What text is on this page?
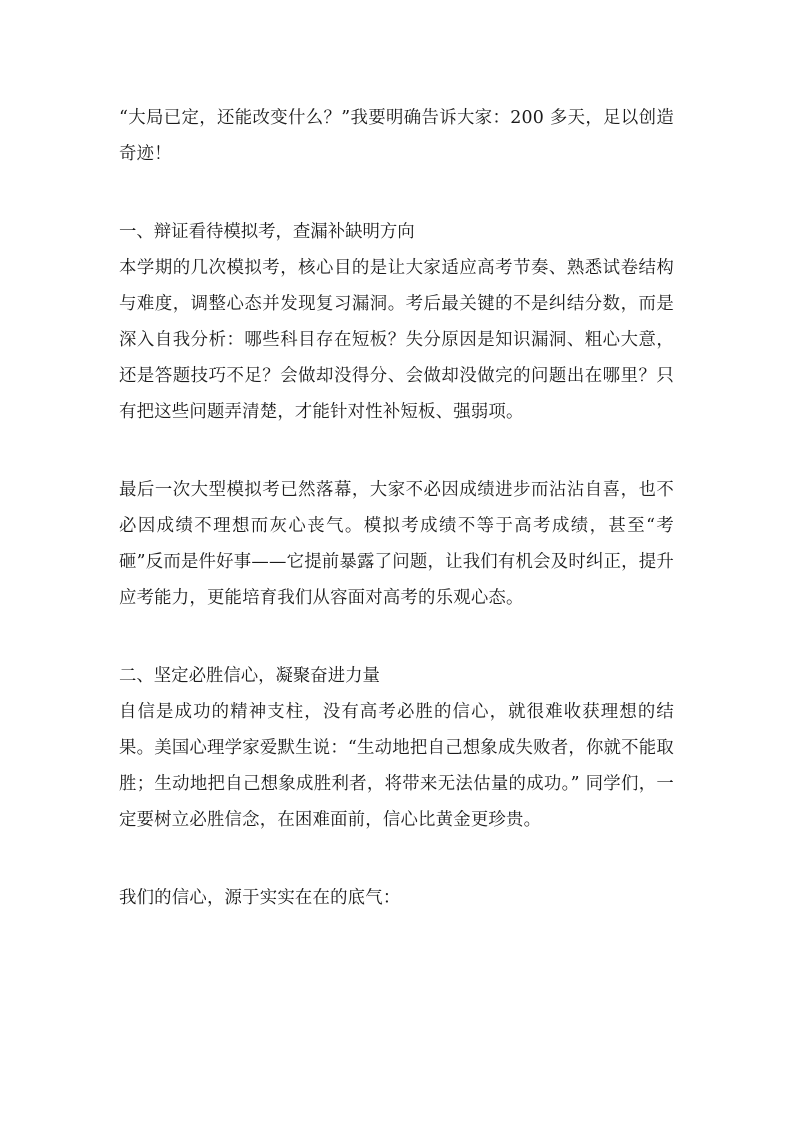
“大局已定，还能改变什么？”我要明确告诉大家：200 多天，足以创造奇迹！

一、辩证看待模拟考，查漏补缺明方向

本学期的几次模拟考，核心目的是让大家适应高考节奏、熟悉试卷结构与难度，调整心态并发现复习漏洞。考后最关键的不是纠结分数，而是深入自我分析：哪些科目存在短板？失分原因是知识漏洞、粗心大意，还是答题技巧不足？会做却没得分、会做却没做完的问题出在哪里？只有把这些问题弄清楚，才能针对性补短板、强弱项。

最后一次大型模拟考已然落幕，大家不必因成绩进步而沾沾自喜，也不必因成绩不理想而灰心丧气。模拟考成绩不等于高考成绩，甚至“考砸”反而是件好事——它提前暴露了问题，让我们有机会及时纠正，提升应考能力，更能培育我们从容面对高考的乐观心态。

二、坚定必胜信心，凝聚奋进力量

自信是成功的精神支柱，没有高考必胜的信心，就很难收获理想的结果。美国心理学家爱默生说：“生动地把自己想象成失败者，你就不能取胜；生动地把自己想象成胜利者，将带来无法估量的成功。” 同学们，一定要树立必胜信念，在困难面前，信心比黄金更珍贵。

我们的信心，源于实实在在的底气：
